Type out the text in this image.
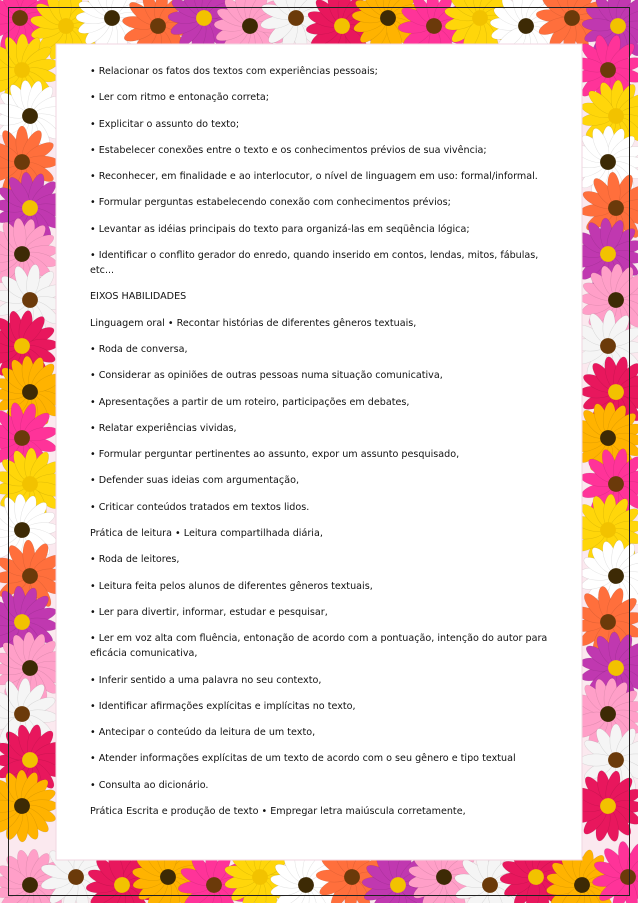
• Relacionar os fatos dos textos com experiências pessoais;

• Ler com ritmo e entonação correta;

• Explicitar o assunto do texto;

• Estabelecer conexões entre o texto e os conhecimentos prévios de sua vivência;

• Reconhecer, em finalidade e ao interlocutor, o nível de linguagem em uso: formal/informal.

• Formular perguntas estabelecendo conexão com conhecimentos prévios;

• Levantar as idéias principais do texto para organizá-las em seqüência lógica;

• Identificar o conflito gerador do enredo, quando inserido em contos, lendas, mitos, fábulas, etc...

EIXOS HABILIDADES

Linguagem oral • Recontar histórias de diferentes gêneros textuais,

• Roda de conversa,

• Considerar as opiniões de outras pessoas numa situação comunicativa,

• Apresentações a partir de um roteiro, participações em debates,

• Relatar experiências vividas,

• Formular perguntar pertinentes ao assunto, expor um assunto pesquisado,

• Defender suas ideias com argumentação,

• Criticar conteúdos tratados em textos lidos.

Prática de leitura • Leitura compartilhada diária,

• Roda de leitores,

• Leitura feita pelos alunos de diferentes gêneros textuais,

• Ler para divertir, informar, estudar e pesquisar,

• Ler em voz alta com fluência, entonação de acordo com a pontuação, intenção do autor para eficácia comunicativa,

• Inferir sentido a uma palavra no seu contexto,

• Identificar afirmações explícitas e implícitas no texto,

• Antecipar o conteúdo da leitura de um texto,

• Atender informações explícitas de um texto de acordo com o seu gênero e tipo textual

• Consulta ao dicionário.

Prática Escrita e produção de texto • Empregar letra maiúscula corretamente,
